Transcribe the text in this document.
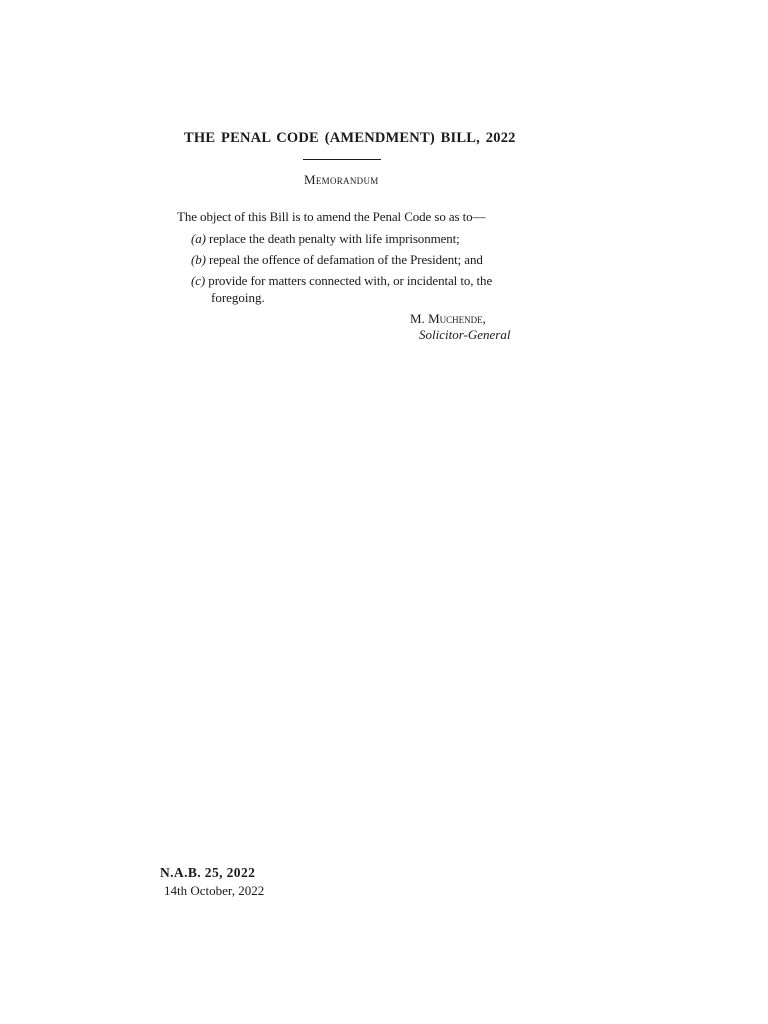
THE PENAL CODE (AMENDMENT) BILL, 2022
Memorandum
The object of this Bill is to amend the Penal Code so as to—
(a) replace the death penalty with life imprisonment;
(b) repeal the offence of defamation of the President; and
(c) provide for matters connected with, or incidental to, the
foregoing.
M. Muchende,
Solicitor-General
N.A.B. 25, 2022
14th October, 2022
